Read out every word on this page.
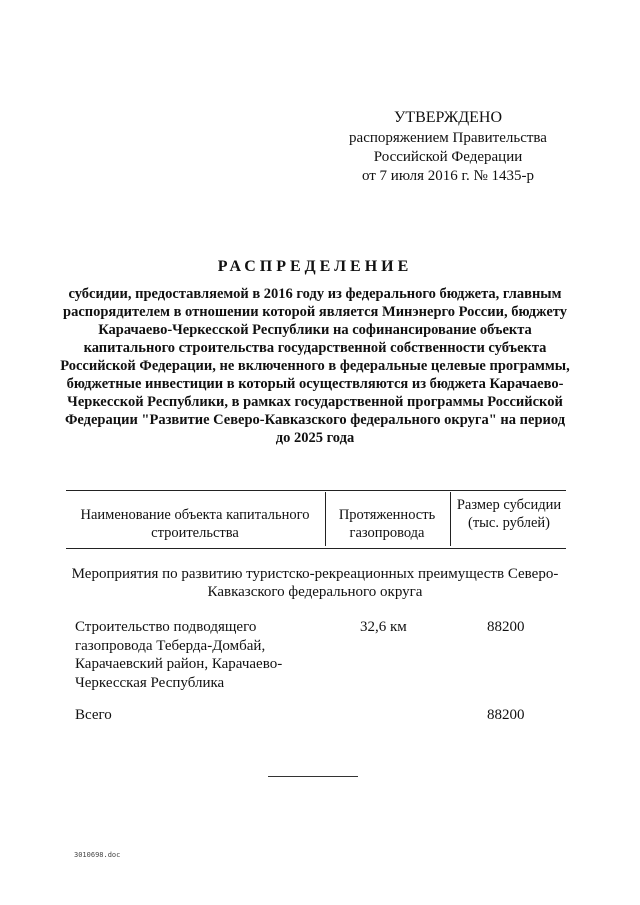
УТВЕРЖДЕНО
распоряжением Правительства
Российской Федерации
от 7 июля 2016 г. № 1435-р
РАСПРЕДЕЛЕНИЕ
субсидии, предоставляемой в 2016 году из федерального бюджета, главным распорядителем в отношении которой является Минэнерго России, бюджету Карачаево-Черкесской Республики на софинансирование объекта капитального строительства государственной собственности субъекта Российской Федерации, не включенного в федеральные целевые программы, бюджетные инвестиции в который осуществляются из бюджета Карачаево-Черкесской Республики, в рамках государственной программы Российской Федерации "Развитие Северо-Кавказского федерального округа" на период до 2025 года
Наименование объекта капитального строительства
Протяженность газопровода
Размер субсидии (тыс. рублей)
Мероприятия по развитию туристско-рекреационных преимуществ Северо-Кавказского федерального округа
Строительство подводящего газопровода Теберда-Домбай, Карачаевский район, Карачаево-Черкесская Республика
32,6 км	88200
Всего	88200
3010698.doc
